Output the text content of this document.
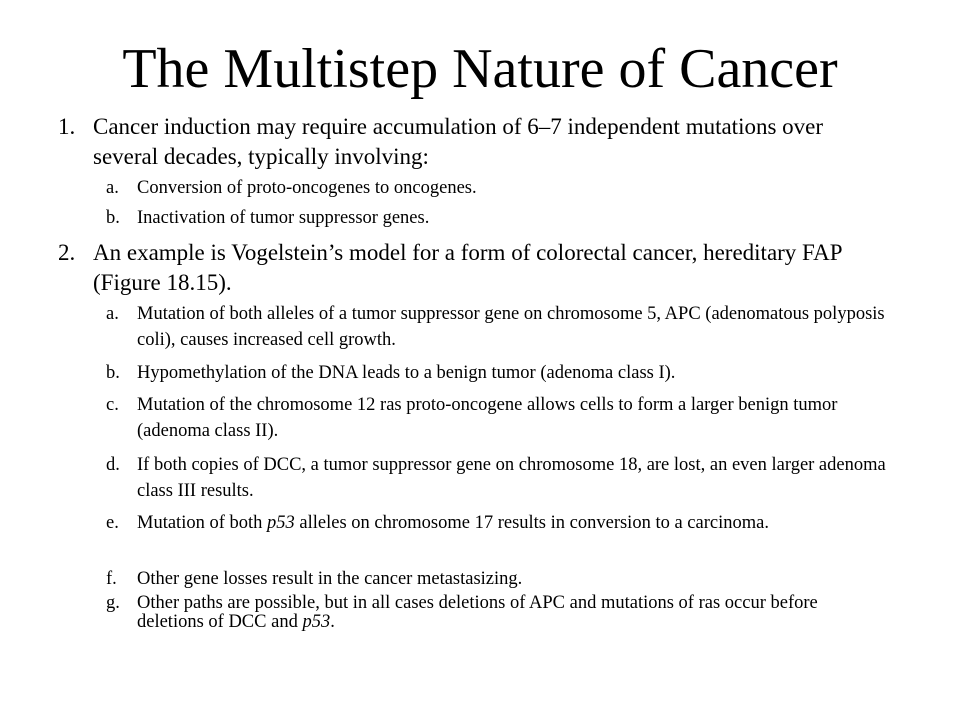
The Multistep Nature of Cancer
1. Cancer induction may require accumulation of 6–7 independent mutations over several decades, typically involving:
a. Conversion of proto-oncogenes to oncogenes.
b. Inactivation of tumor suppressor genes.
2. An example is Vogelstein’s model for a form of colorectal cancer, hereditary FAP (Figure 18.15).
a. Mutation of both alleles of a tumor suppressor gene on chromosome 5, APC (adenomatous polyposis coli), causes increased cell growth.
b. Hypomethylation of the DNA leads to a benign tumor (adenoma class I).
c. Mutation of the chromosome 12 ras proto-oncogene allows cells to form a larger benign tumor (adenoma class II).
d. If both copies of DCC, a tumor suppressor gene on chromosome 18, are lost, an even larger adenoma class III results.
e. Mutation of both p53 alleles on chromosome 17 results in conversion to a carcinoma.
f.	Other gene losses result in the cancer metastasizing.
g. Other paths are possible, but in all cases deletions of APC and mutations of ras occur before deletions of DCC and p53.
